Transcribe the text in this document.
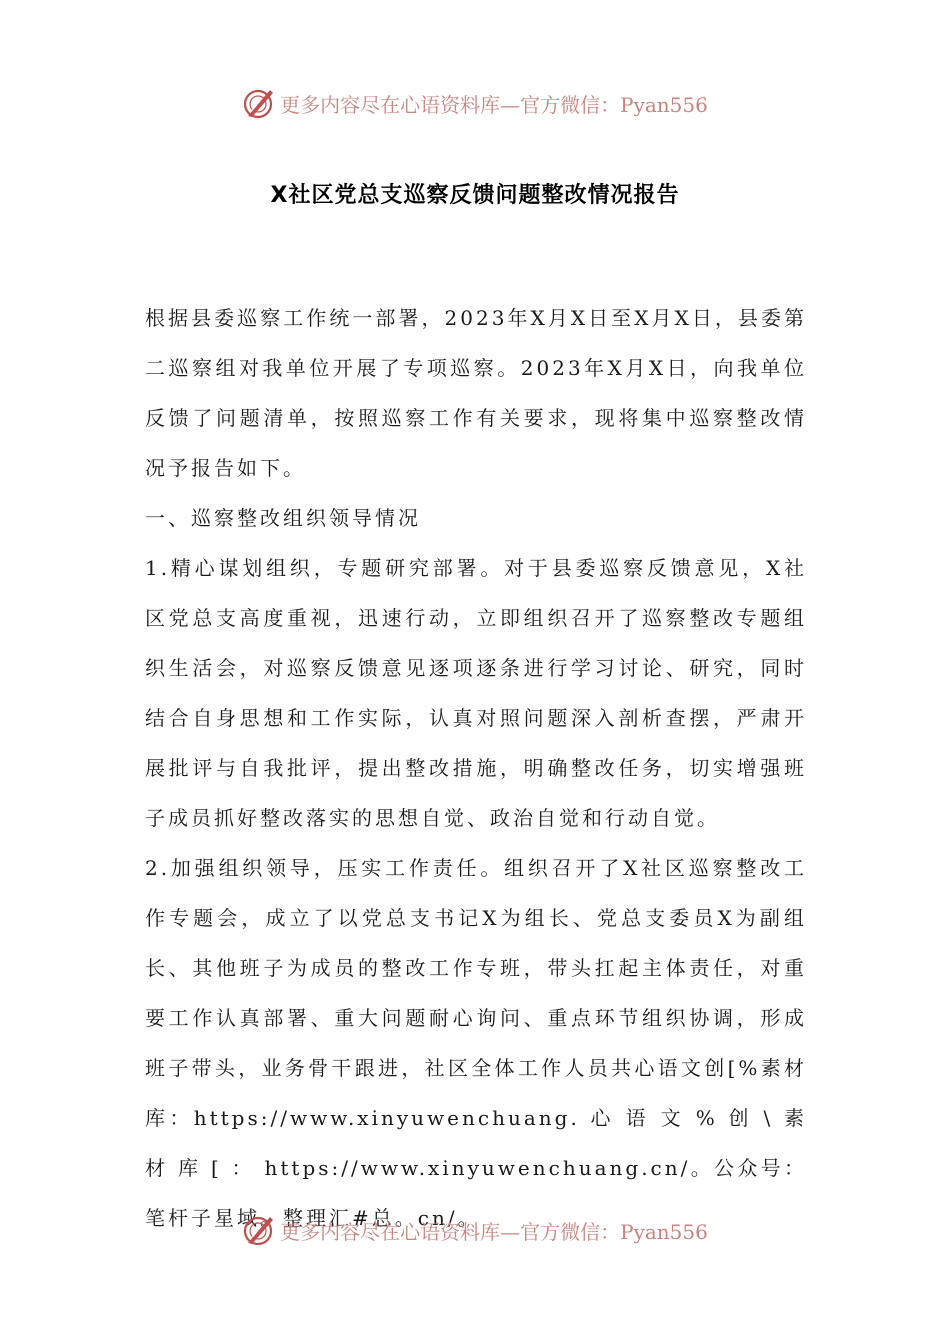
更多内容尽在心语资料库—官方微信：Pyan556
X社区党总支巡察反馈问题整改情况报告

根据县委巡察工作统一部署，2023年X月X日至X月X日，县委第二巡察组对我单位开展了专项巡察。2023年X月X日，向我单位反馈了问题清单，按照巡察工作有关要求，现将集中巡察整改情况予报告如下。

一、巡察整改组织领导情况

1.精心谋划组织，专题研究部署。对于县委巡察反馈意见，X社区党总支高度重视，迅速行动，立即组织召开了巡察整改专题组织生活会，对巡察反馈意见逐项逐条进行学习讨论、研究，同时结合自身思想和工作实际，认真对照问题深入剖析查摆，严肃开展批评与自我批评，提出整改措施，明确整改任务，切实增强班子成员抓好整改落实的思想自觉、政治自觉和行动自觉。

2.加强组织领导，压实工作责任。组织召开了X社区巡察整改工作专题会，成立了以党总支书记X为组长、党总支委员X为副组长、其他班子为成员的整改工作专班，带头扛起主体责任，对重要工作认真部署、重大问题耐心询问、重点环节组织协调，形成班子带头，业务骨干跟进，社区全体工作人员共心语文创[%素材库：https://www.xinyuwenchuang. 心 语 文 % 创 \ 素 材 库 [ ： https://www.xinyuwenchuang.cn/。公众号：笔杆子星域。整理汇#总。cn/。

更多内容尽在心语资料库—官方微信：Pyan556
